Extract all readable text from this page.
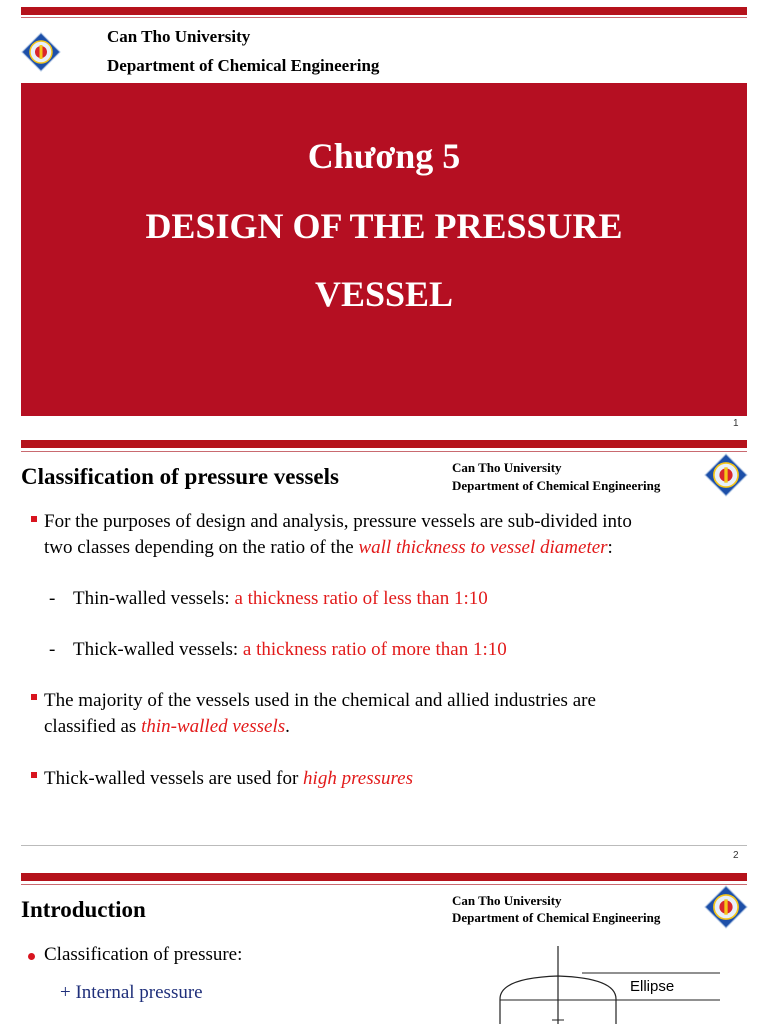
Can Tho University
Department of Chemical Engineering
Chương 5
DESIGN OF THE PRESSURE
VESSEL
1
Classification of pressure vessels	Can Tho University
Department of Chemical Engineering
For the purposes of design and analysis, pressure vessels are sub-divided into
two classes depending on the ratio of the wall thickness to vessel diameter:
- Thin-walled vessels: a thickness ratio of less than 1:10
- Thick-walled vessels: a thickness ratio of more than 1:10
The majority of the vessels used in the chemical and allied industries are
classified as thin-walled vessels.
Thick-walled vessels are used for high pressures
2
Introduction	Can Tho University
Department of Chemical Engineering
Classification of pressure:
+ Internal pressure	Ellipse
